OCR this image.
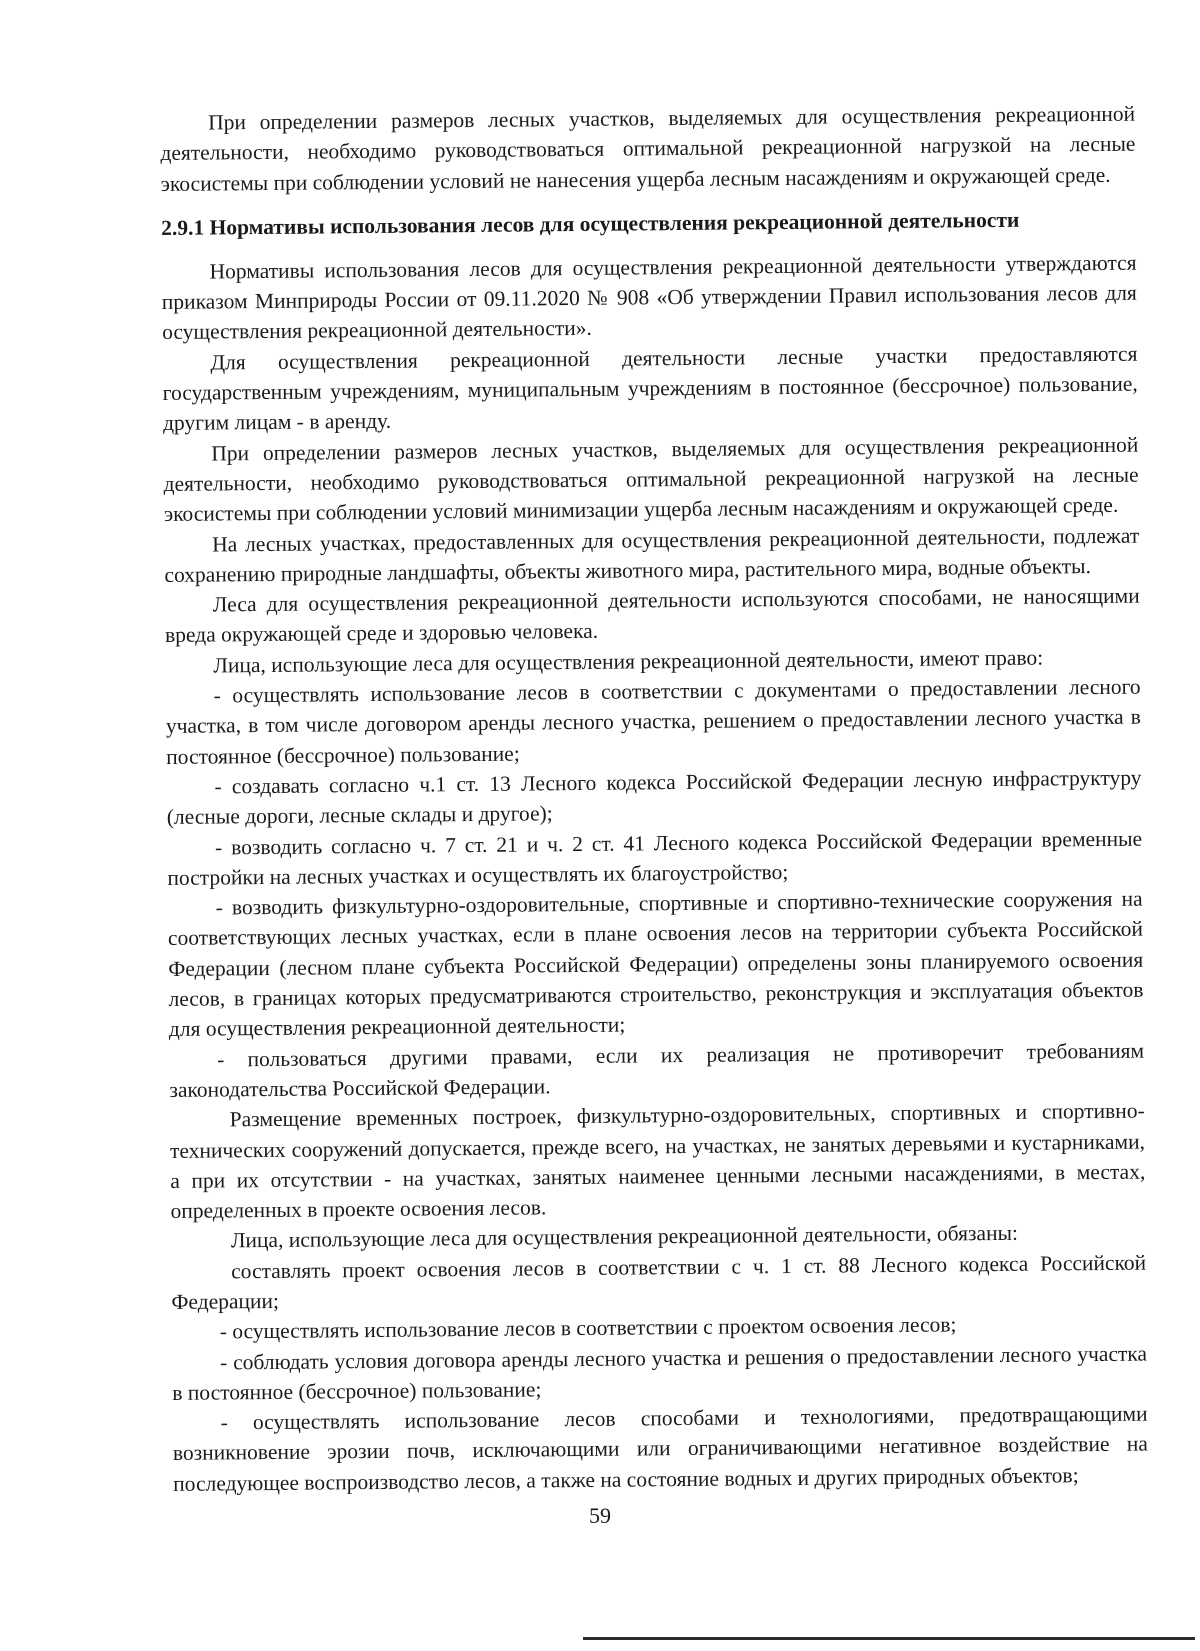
При определении размеров лесных участков, выделяемых для осуществления рекреационной деятельности, необходимо руководствоваться оптимальной рекреационной нагрузкой на лесные экосистемы при соблюдении условий не нанесения ущерба лесным насаждениям и окружающей среде.

2.9.1 Нормативы использования лесов для осуществления рекреационной деятельности

Нормативы использования лесов для осуществления рекреационной деятельности утверждаются приказом Минприроды России от 09.11.2020 № 908 «Об утверждении Правил использования лесов для осуществления рекреационной деятельности».

Для осуществления рекреационной деятельности лесные участки предоставляются государственным учреждениям, муниципальным учреждениям в постоянное (бессрочное) пользование, другим лицам - в аренду.

При определении размеров лесных участков, выделяемых для осуществления рекреационной деятельности, необходимо руководствоваться оптимальной рекреационной нагрузкой на лесные экосистемы при соблюдении условий минимизации ущерба лесным насаждениям и окружающей среде.

На лесных участках, предоставленных для осуществления рекреационной деятельности, подлежат сохранению природные ландшафты, объекты животного мира, растительного мира, водные объекты.

Леса для осуществления рекреационной деятельности используются способами, не наносящими вреда окружающей среде и здоровью человека.

Лица, использующие леса для осуществления рекреационной деятельности, имеют право:

- осуществлять использование лесов в соответствии с документами о предоставлении лесного участка, в том числе договором аренды лесного участка, решением о предоставлении лесного участка в постоянное (бессрочное) пользование;

- создавать согласно ч.1 ст. 13 Лесного кодекса Российской Федерации лесную инфраструктуру (лесные дороги, лесные склады и другое);

- возводить согласно ч. 7 ст. 21 и ч. 2 ст. 41 Лесного кодекса Российской Федерации временные постройки на лесных участках и осуществлять их благоустройство;

- возводить физкультурно-оздоровительные, спортивные и спортивно-технические сооружения на соответствующих лесных участках, если в плане освоения лесов на территории субъекта Российской Федерации (лесном плане субъекта Российской Федерации) определены зоны планируемого освоения лесов, в границах которых предусматриваются строительство, реконструкция и эксплуатация объектов для осуществления рекреационной деятельности;

- пользоваться другими правами, если их реализация не противоречит требованиям законодательства Российской Федерации.

Размещение временных построек, физкультурно-оздоровительных, спортивных и спортивно-технических сооружений допускается, прежде всего, на участках, не занятых деревьями и кустарниками, а при их отсутствии - на участках, занятых наименее ценными лесными насаждениями, в местах, определенных в проекте освоения лесов.

Лица, использующие леса для осуществления рекреационной деятельности, обязаны:

составлять проект освоения лесов в соответствии с ч. 1 ст. 88 Лесного кодекса Российской Федерации;

- осуществлять использование лесов в соответствии с проектом освоения лесов;

- соблюдать условия договора аренды лесного участка и решения о предоставлении лесного участка в постоянное (бессрочное) пользование;

- осуществлять использование лесов способами и технологиями, предотвращающими возникновение эрозии почв, исключающими или ограничивающими негативное воздействие на последующее воспроизводство лесов, а также на состояние водных и других природных объектов;

59
